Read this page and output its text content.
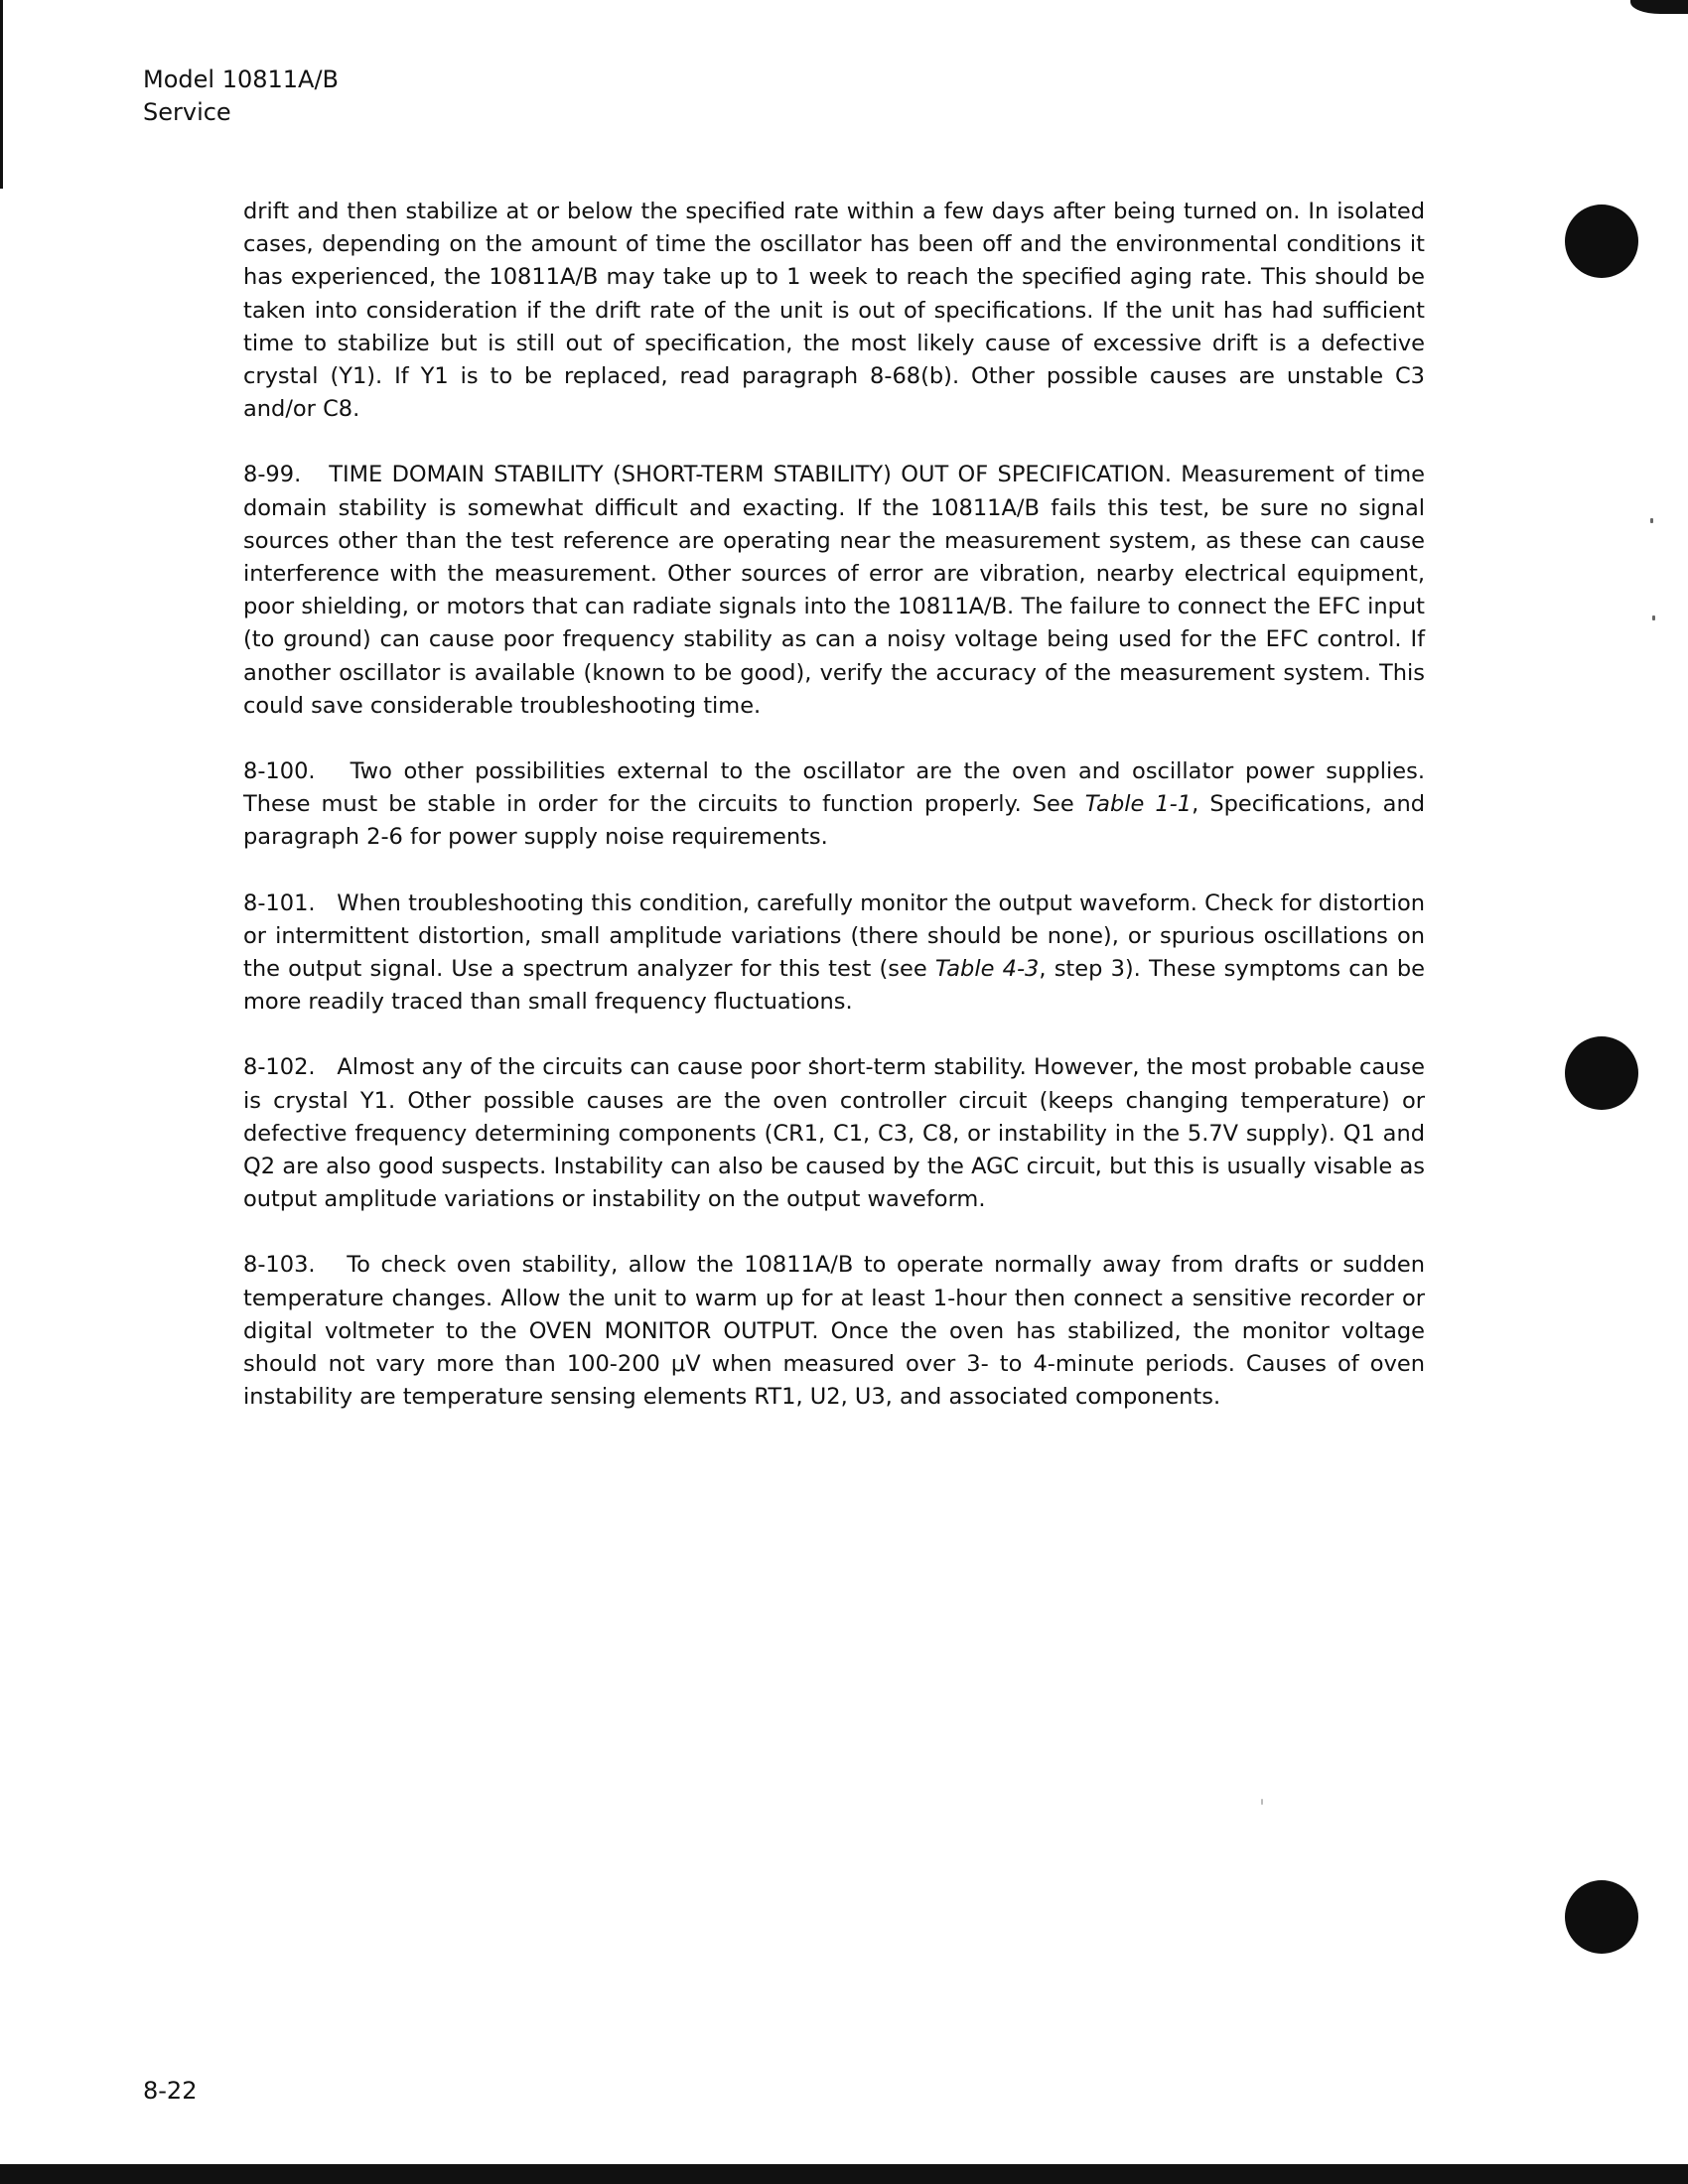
Model 10811A/B
Service

drift and then stabilize at or below the specified rate within a few days after being turned on. In isolated cases, depending on the amount of time the oscillator has been off and the environmental conditions it has experienced, the 10811A/B may take up to 1 week to reach the specified aging rate. This should be taken into consideration if the drift rate of the unit is out of specifications. If the unit has had sufficient time to stabilize but is still out of specification, the most likely cause of excessive drift is a defective crystal (Y1). If Y1 is to be replaced, read paragraph 8-68(b). Other possible causes are unstable C3 and/or C8.

8-99. TIME DOMAIN STABILITY (SHORT-TERM STABILITY) OUT OF SPECIFICATION. Measurement of time domain stability is somewhat difficult and exacting. If the 10811A/B fails this test, be sure no signal sources other than the test reference are operating near the measurement system, as these can cause interference with the measurement. Other sources of error are vibration, nearby electrical equipment, poor shielding, or motors that can radiate signals into the 10811A/B. The failure to connect the EFC input (to ground) can cause poor frequency stability as can a noisy voltage being used for the EFC control. If another oscillator is available (known to be good), verify the accuracy of the measurement system. This could save considerable troubleshooting time.

8-100. Two other possibilities external to the oscillator are the oven and oscillator power supplies. These must be stable in order for the circuits to function properly. See Table 1-1, Specifications, and paragraph 2-6 for power supply noise requirements.

8-101. When troubleshooting this condition, carefully monitor the output waveform. Check for distortion or intermittent distortion, small amplitude variations (there should be none), or spurious oscillations on the output signal. Use a spectrum analyzer for this test (see Table 4-3, step 3). These symptoms can be more readily traced than small frequency fluctuations.

8-102. Almost any of the circuits can cause poor short-term stability. However, the most probable cause is crystal Y1. Other possible causes are the oven controller circuit (keeps changing temperature) or defective frequency determining components (CR1, C1, C3, C8, or instability in the 5.7V supply). Q1 and Q2 are also good suspects. Instability can also be caused by the AGC circuit, but this is usually visable as output amplitude variations or instability on the output waveform.

8-103. To check oven stability, allow the 10811A/B to operate normally away from drafts or sudden temperature changes. Allow the unit to warm up for at least 1-hour then connect a sensitive recorder or digital voltmeter to the OVEN MONITOR OUTPUT. Once the oven has stabilized, the monitor voltage should not vary more than 100-200 μV when measured over 3- to 4-minute periods. Causes of oven instability are temperature sensing elements RT1, U2, U3, and associated components.

8-22
